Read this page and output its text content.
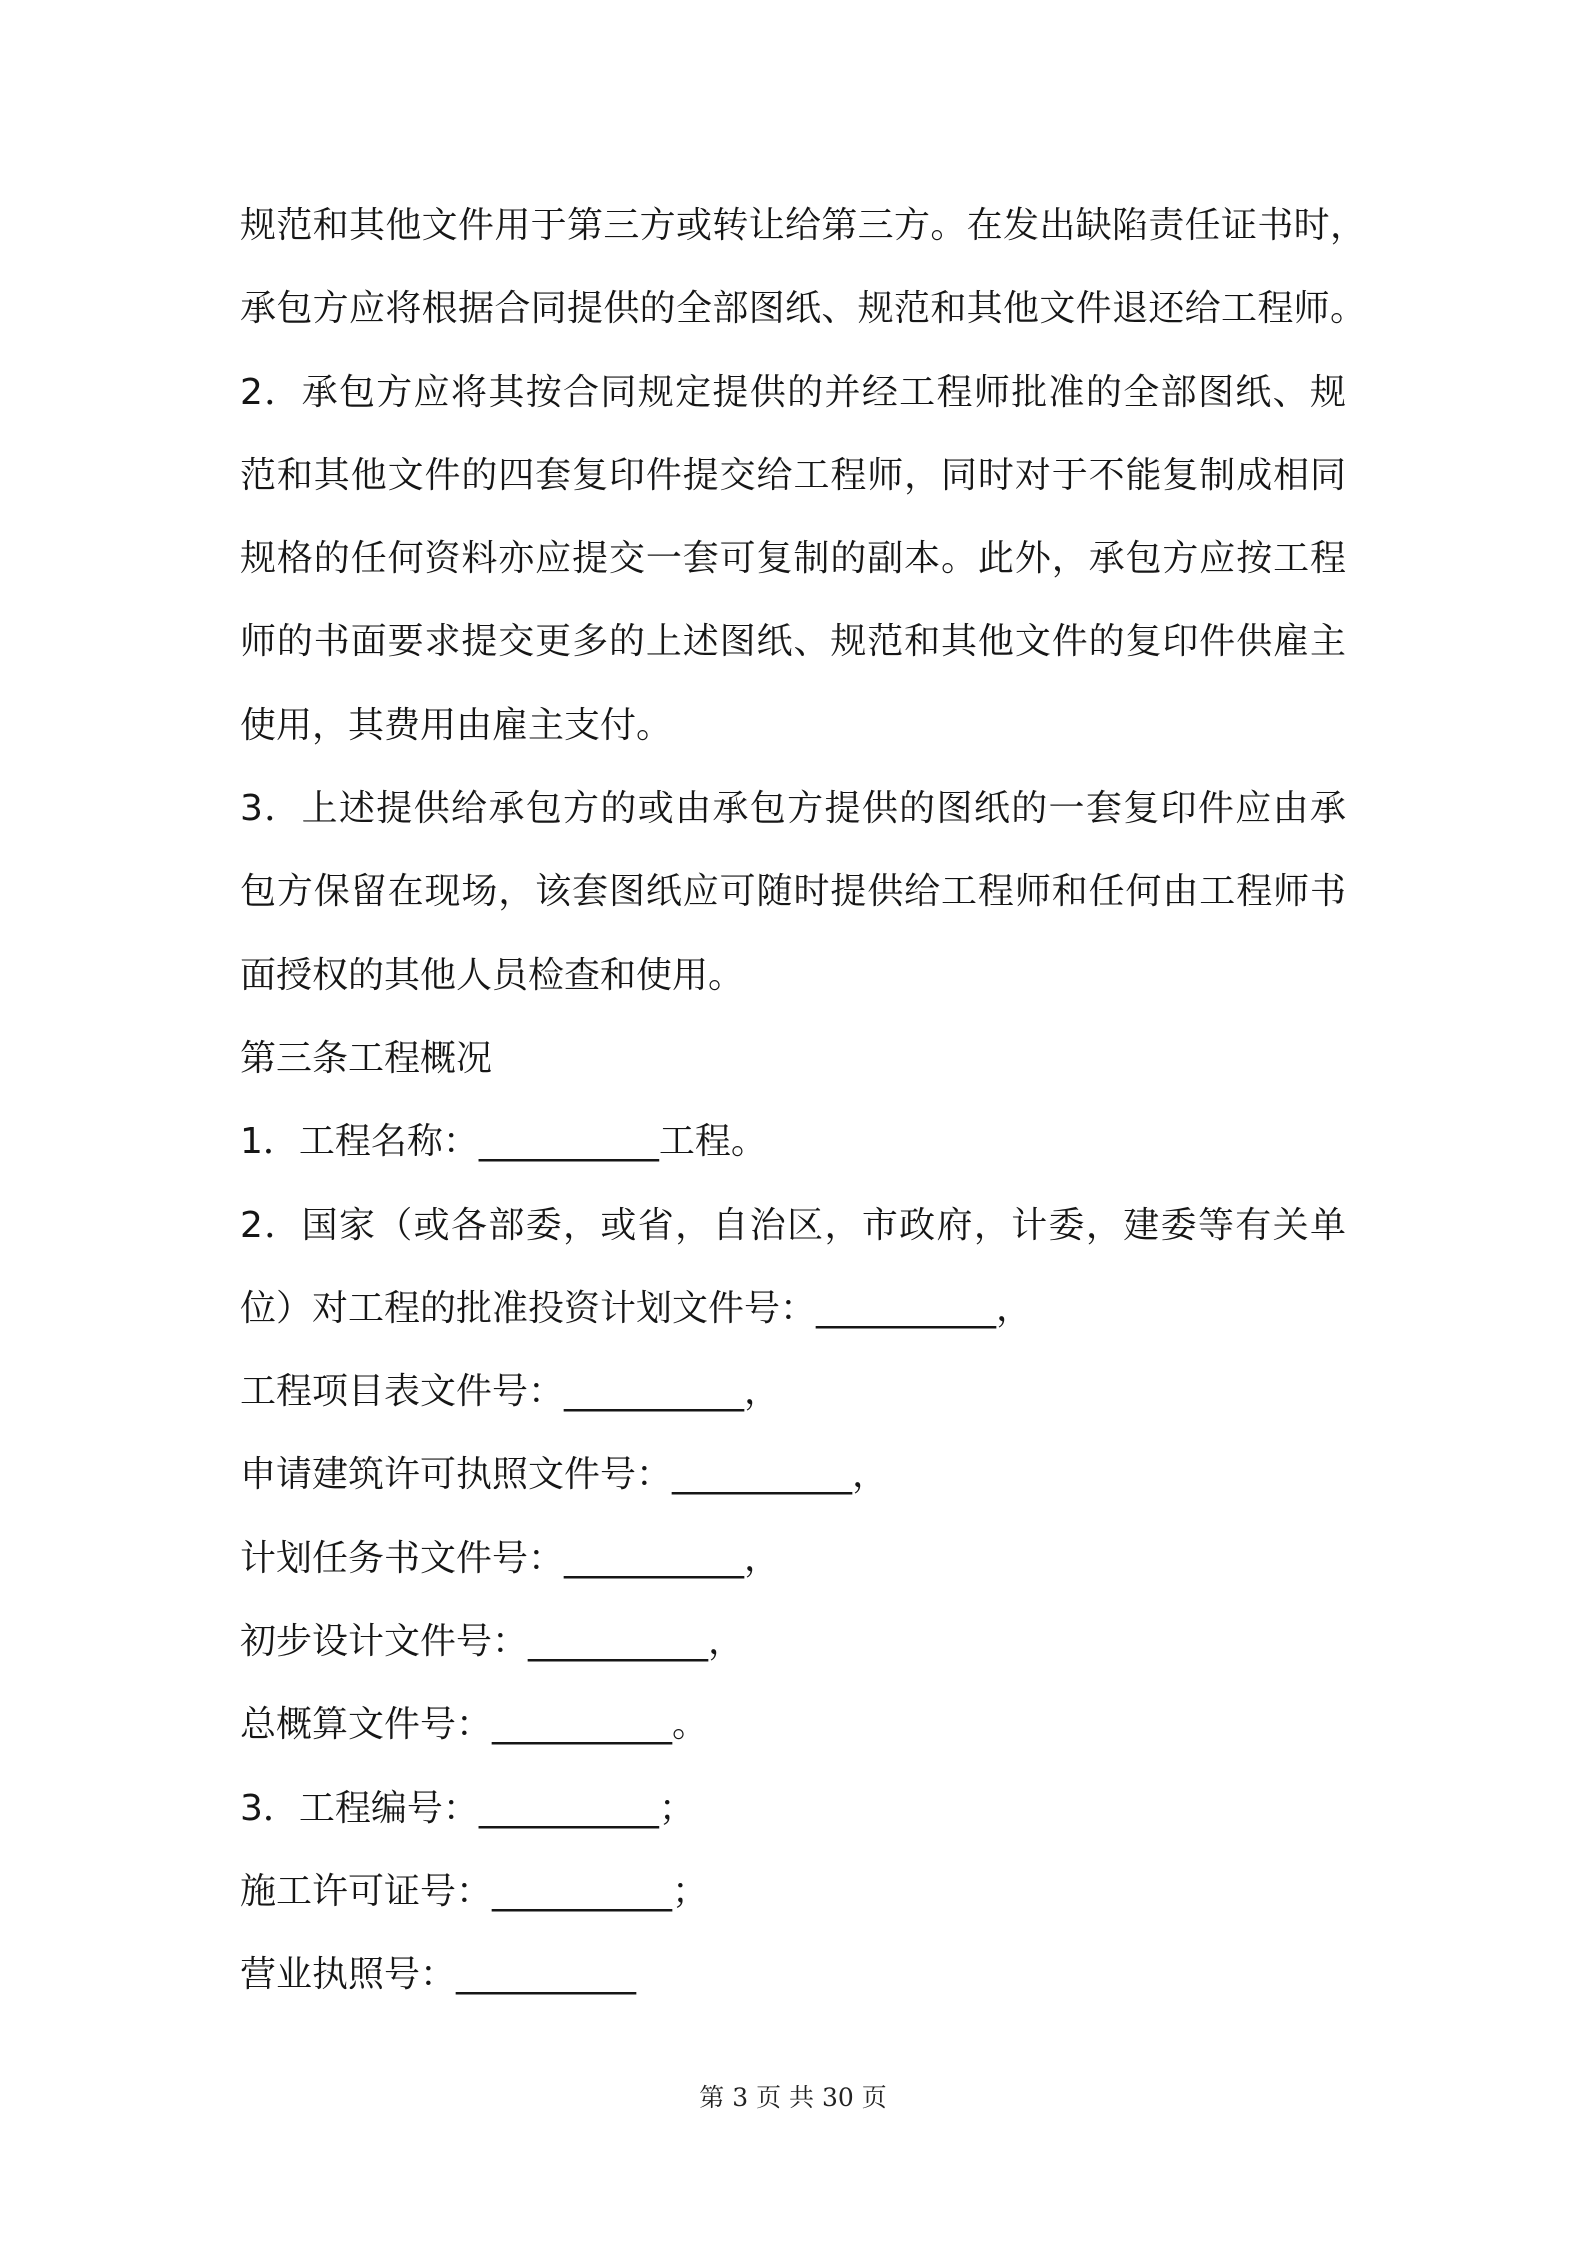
规范和其他文件用于第三方或转让给第三方。在发出缺陷责任证书时，
承包方应将根据合同提供的全部图纸、规范和其他文件退还给工程师。
2．承包方应将其按合同规定提供的并经工程师批准的全部图纸、规
范和其他文件的四套复印件提交给工程师，同时对于不能复制成相同
规格的任何资料亦应提交一套可复制的副本。此外，承包方应按工程
师的书面要求提交更多的上述图纸、规范和其他文件的复印件供雇主
使用，其费用由雇主支付。
3．上述提供给承包方的或由承包方提供的图纸的一套复印件应由承
包方保留在现场，该套图纸应可随时提供给工程师和任何由工程师书
面授权的其他人员检查和使用。
第三条工程概况
1．工程名称：__________工程。
2．国家（或各部委，或省，自治区，市政府，计委，建委等有关单
位）对工程的批准投资计划文件号：__________，
工程项目表文件号：__________，
申请建筑许可执照文件号：__________，
计划任务书文件号：__________，
初步设计文件号：__________，
总概算文件号：__________。
3．工程编号：__________；
施工许可证号：__________；
营业执照号：__________
第 3 页 共 30 页
